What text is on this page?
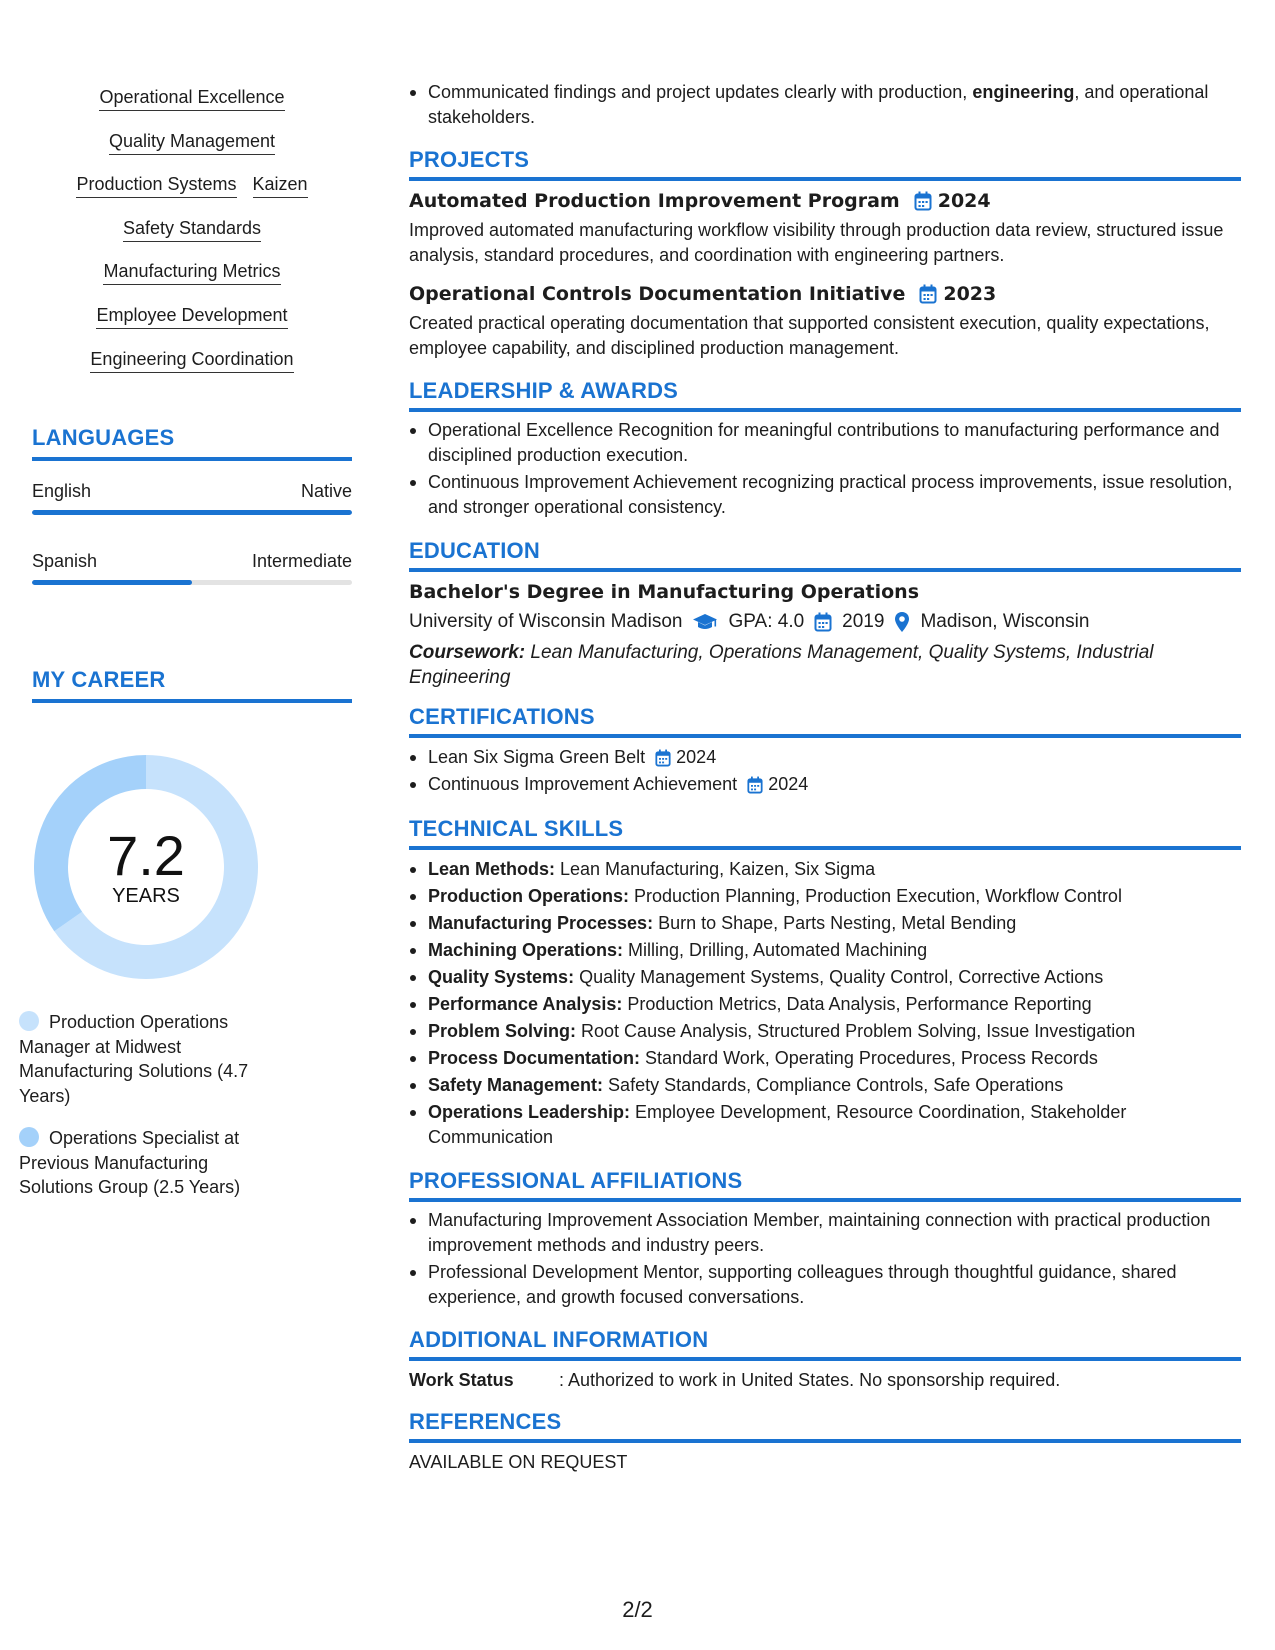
Operational Excellence
Quality Management
Production Systems Kaizen
Safety Standards
Manufacturing Metrics
Employee Development
Engineering Coordination
LANGUAGES
English	Native
Spanish	Intermediate
MY CAREER
7.2
YEARS
Production Operations Manager at Midwest Manufacturing Solutions (4.7 Years)
Operations Specialist at Previous Manufacturing Solutions Group (2.5 Years)
Communicated findings and project updates clearly with production, engineering, and operational stakeholders.
PROJECTS
Automated Production Improvement Program 2024
Improved automated manufacturing workflow visibility through production data review, structured issue analysis, standard procedures, and coordination with engineering partners.
Operational Controls Documentation Initiative 2023
Created practical operating documentation that supported consistent execution, quality expectations, employee capability, and disciplined production management.
LEADERSHIP & AWARDS
Operational Excellence Recognition for meaningful contributions to manufacturing performance and disciplined production execution.
Continuous Improvement Achievement recognizing practical process improvements, issue resolution, and stronger operational consistency.
EDUCATION
Bachelor's Degree in Manufacturing Operations
University of Wisconsin Madison GPA: 4.0 2019 Madison, Wisconsin
Coursework: Lean Manufacturing, Operations Management, Quality Systems, Industrial Engineering
CERTIFICATIONS
Lean Six Sigma Green Belt 2024
Continuous Improvement Achievement 2024
TECHNICAL SKILLS
Lean Methods: Lean Manufacturing, Kaizen, Six Sigma
Production Operations: Production Planning, Production Execution, Workflow Control
Manufacturing Processes: Burn to Shape, Parts Nesting, Metal Bending
Machining Operations: Milling, Drilling, Automated Machining
Quality Systems: Quality Management Systems, Quality Control, Corrective Actions
Performance Analysis: Production Metrics, Data Analysis, Performance Reporting
Problem Solving: Root Cause Analysis, Structured Problem Solving, Issue Investigation
Process Documentation: Standard Work, Operating Procedures, Process Records
Safety Management: Safety Standards, Compliance Controls, Safe Operations
Operations Leadership: Employee Development, Resource Coordination, Stakeholder Communication
PROFESSIONAL AFFILIATIONS
Manufacturing Improvement Association Member, maintaining connection with practical production improvement methods and industry peers.
Professional Development Mentor, supporting colleagues through thoughtful guidance, shared experience, and growth focused conversations.
ADDITIONAL INFORMATION
Work Status	: Authorized to work in United States. No sponsorship required.
REFERENCES
AVAILABLE ON REQUEST
2/2
